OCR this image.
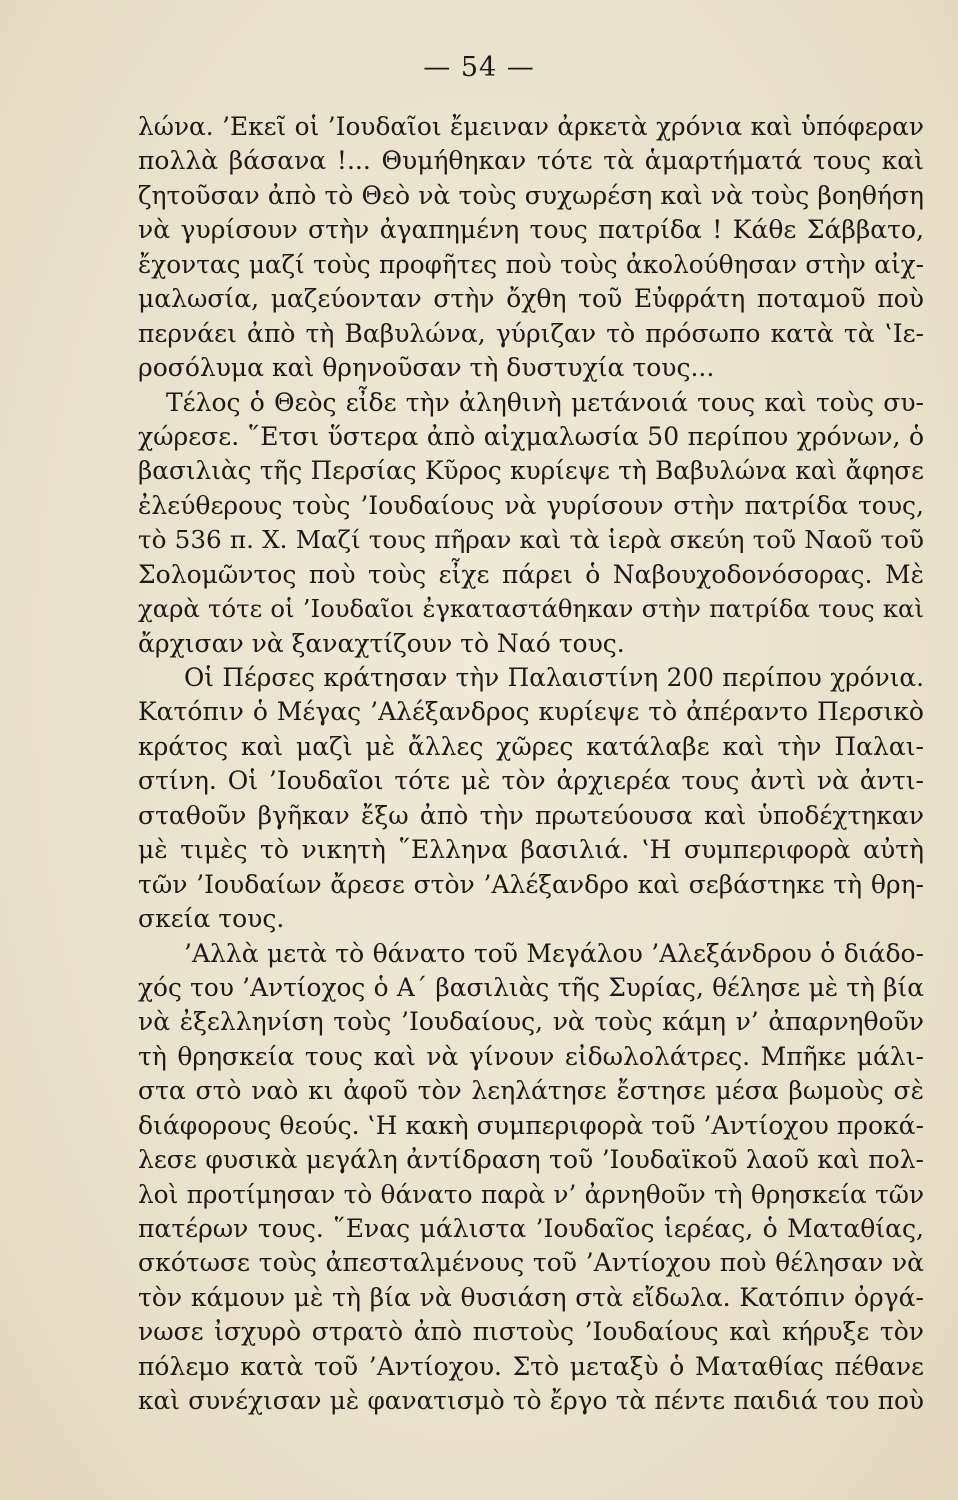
— 54 —
λώνα. ’Εκεῖ οἱ ’Ιουδαῖοι ἔμειναν ἀρκετὰ χρόνια καὶ ὑπόφεραν
πολλὰ βάσανα !... Θυμήθηκαν τότε τὰ ἁμαρτήματά τους καὶ
ζητοῦσαν ἀπὸ τὸ Θεὸ νὰ τοὺς συχωρέση καὶ νὰ τοὺς βοηθήση
νὰ γυρίσουν στὴν ἀγαπημένη τους πατρίδα ! Κάθε Σάββατο,
ἔχοντας μαζί τοὺς προφῆτες ποὺ τοὺς ἀκολούθησαν στὴν αἰχ-
μαλωσία, μαζεύονταν στὴν ὄχθη τοῦ Εὐφράτη ποταμοῦ ποὺ
περνάει ἀπὸ τὴ Βαβυλώνα, γύριζαν τὸ πρόσωπο κατὰ τὰ ‛Ιε-
ροσόλυμα καὶ θρηνοῦσαν τὴ δυστυχία τους...
Τέλος ὁ Θεὸς εἶδε τὴν ἀληθινὴ μετάνοιά τους καὶ τοὺς συ-
χώρεσε. ῞Ετσι ὕστερα ἀπὸ αἰχμαλωσία 50 περίπου χρόνων, ὁ
βασιλιὰς τῆς Περσίας Κῦρος κυρίεψε τὴ Βαβυλώνα καὶ ἄφησε
ἐλεύθερους τοὺς ’Ιουδαίους νὰ γυρίσουν στὴν πατρίδα τους,
τὸ 536 π. Χ. Μαζί τους πῆραν καὶ τὰ ἱερὰ σκεύη τοῦ Ναοῦ τοῦ
Σολομῶντος ποὺ τοὺς εἶχε πάρει ὁ Ναβουχοδονόσορας. Μὲ
χαρὰ τότε οἱ ’Ιουδαῖοι ἐγκαταστάθηκαν στὴν πατρίδα τους καὶ
ἄρχισαν νὰ ξαναχτίζουν τὸ Ναό τους.
Οἱ Πέρσες κράτησαν τὴν Παλαιστίνη 200 περίπου χρόνια.
Κατόπιν ὁ Μέγας ’Αλέξανδρος κυρίεψε τὸ ἀπέραντο Περσικὸ
κράτος καὶ μαζὶ μὲ ἄλλες χῶρες κατάλαβε καὶ τὴν Παλαι-
στίνη. Οἱ ’Ιουδαῖοι τότε μὲ τὸν ἀρχιερέα τους ἀντὶ νὰ ἀντι-
σταθοῦν βγῆκαν ἔξω ἀπὸ τὴν πρωτεύουσα καὶ ὑποδέχτηκαν
μὲ τιμὲς τὸ νικητὴ ῞Ελληνα βασιλιά. ‛Η συμπεριφορὰ αὐτὴ
τῶν ’Ιουδαίων ἄρεσε στὸν ’Αλέξανδρο καὶ σεβάστηκε τὴ θρη-
σκεία τους.
’Αλλὰ μετὰ τὸ θάνατο τοῦ Μεγάλου ’Αλεξάνδρου ὁ διάδο-
χός του ’Αντίοχος ὁ Α΄ βασιλιὰς τῆς Συρίας, θέλησε μὲ τὴ βία
νὰ ἐξελληνίση τοὺς ’Ιουδαίους, νὰ τοὺς κάμη ν’ ἀπαρνηθοῦν
τὴ θρησκεία τους καὶ νὰ γίνουν εἰδωλολάτρες. Μπῆκε μάλι-
στα στὸ ναὸ κι ἀφοῦ τὸν λεηλάτησε ἔστησε μέσα βωμοὺς σὲ
διάφορους θεούς. ‛Η κακὴ συμπεριφορὰ τοῦ ’Αντίοχου προκά-
λεσε φυσικὰ μεγάλη ἀντίδραση τοῦ ’Ιουδαϊκοῦ λαοῦ καὶ πολ-
λοὶ προτίμησαν τὸ θάνατο παρὰ ν’ ἀρνηθοῦν τὴ θρησκεία τῶν
πατέρων τους. ῞Ενας μάλιστα ’Ιουδαῖος ἱερέας, ὁ Ματαθίας,
σκότωσε τοὺς ἀπεσταλμένους τοῦ ’Αντίοχου ποὺ θέλησαν νὰ
τὸν κάμουν μὲ τὴ βία νὰ θυσιάση στὰ εἴδωλα. Κατόπιν ὀργά-
νωσε ἰσχυρὸ στρατὸ ἀπὸ πιστοὺς ’Ιουδαίους καὶ κήρυξε τὸν
πόλεμο κατὰ τοῦ ’Αντίοχου. Στὸ μεταξὺ ὁ Ματαθίας πέθανε
καὶ συνέχισαν μὲ φανατισμὸ τὸ ἔργο τὰ πέντε παιδιά του ποὺ
